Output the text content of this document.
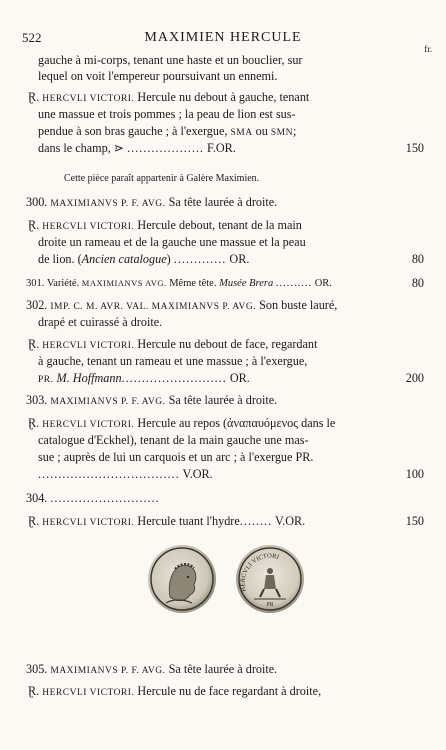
522	MAXIMIEN HERCULE
fr.
gauche à mi-corps, tenant une haste et un bouclier, sur
lequel on voit l'empereur poursuivant un ennemi.
Ɽ. HERCVLI VICTORI. Hercule nu debout à gauche, tenant
une massue et trois pommes ; la peau de lion est sus-
pendue à son bras gauche ; à l'exergue, SMA ou SMN;
dans le champ, ⋗ ................... F.OR.	150
Cette pièce paraît appartenir à Galère Maximien.
300. MAXIMIANVS P. F. AVG. Sa tête laurée à droite.
Ɽ. HERCVLI VICTORI. Hercule debout, tenant de la main
droite un rameau et de la gauche une massue et la peau
de lion. (Ancien catalogue) ............. OR.	80
301. Variété. MAXIMIANVS AVG. Même tête. Musée Brera .......... OR.	80
302. IMP. C. M. AVR. VAL. MAXIMIANVS P. AVG. Son buste lauré,
drapé et cuirassé à droite.
Ɽ. HERCVLI VICTORI. Hercule nu debout de face, regardant
à gauche, tenant un rameau et une massue ; à l'exergue,
PR. M. Hoffmann.......................... OR.	200
303. MAXIMIANVS P. F. AVG. Sa tête laurée à droite.
Ɽ. HERCVLI VICTORI. Hercule au repos (ἀναπαυόμενος dans le
catalogue d'Eckhel), tenant de la main gauche une mas-
sue ; auprès de lui un carquois et un arc ; à l'exergue PR.
................................... V.OR.	100
304. ...........................
Ɽ. HERCVLI VICTORI. Hercule tuant l'hydre........ V.OR.	150
HERCVLI VICTORI
PR
305. MAXIMIANVS P. F. AVG. Sa tête laurée à droite.
Ɽ. HERCVLI VICTORI. Hercule nu de face regardant à droite,
